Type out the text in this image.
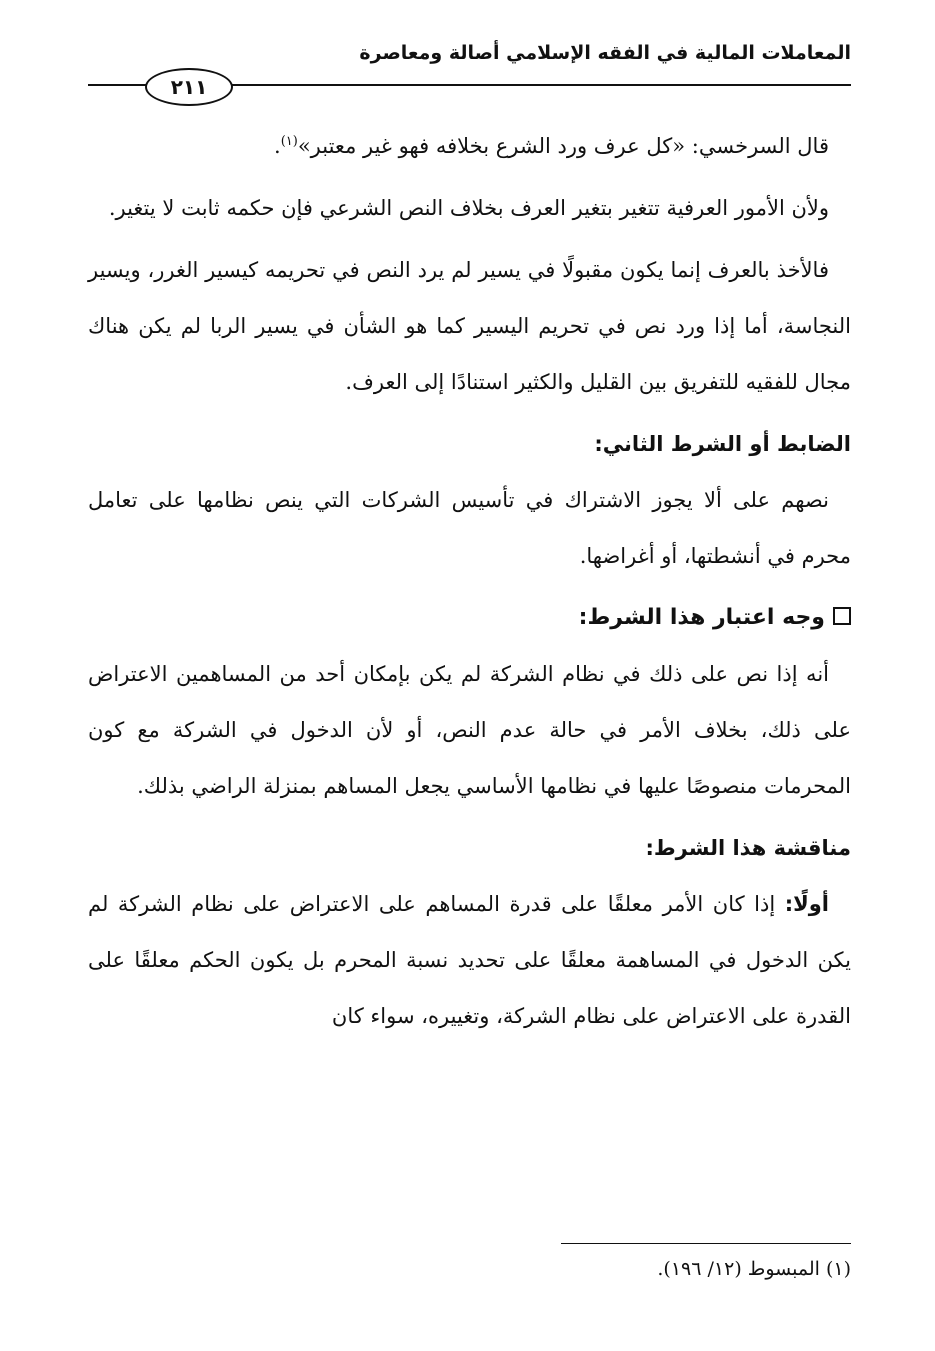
المعاملات المالية في الفقه الإسلامي أصالة ومعاصرة
٢١١

قال السرخسي: «كل عرف ورد الشرع بخلافه فهو غير معتبر»$^{(١)}$.

ولأن الأمور العرفية تتغير بتغير العرف بخلاف النص الشرعي فإن حكمه ثابت لا يتغير.

فالأخذ بالعرف إنما يكون مقبولًا في يسير لم يرد النص في تحريمه كيسير الغرر، ويسير النجاسة، أما إذا ورد نص في تحريم اليسير كما هو الشأن في يسير الربا لم يكن هناك مجال للفقيه للتفريق بين القليل والكثير استنادًا إلى العرف.

الضابط أو الشرط الثاني:

نصهم على ألا يجوز الاشتراك في تأسيس الشركات التي ينص نظامها على تعامل محرم في أنشطتها، أو أغراضها.

وجه اعتبار هذا الشرط:

أنه إذا نص على ذلك في نظام الشركة لم يكن بإمكان أحد من المساهمين الاعتراض على ذلك، بخلاف الأمر في حالة عدم النص، أو لأن الدخول في الشركة مع كون المحرمات منصوصًا عليها في نظامها الأساسي يجعل المساهم بمنزلة الراضي بذلك.

مناقشة هذا الشرط:

أولًا: إذا كان الأمر معلقًا على قدرة المساهم على الاعتراض على نظام الشركة لم يكن الدخول في المساهمة معلقًا على تحديد نسبة المحرم بل يكون الحكم معلقًا على القدرة على الاعتراض على نظام الشركة، وتغييره، سواء كان

(١) المبسوط (١٢/ ١٩٦).
